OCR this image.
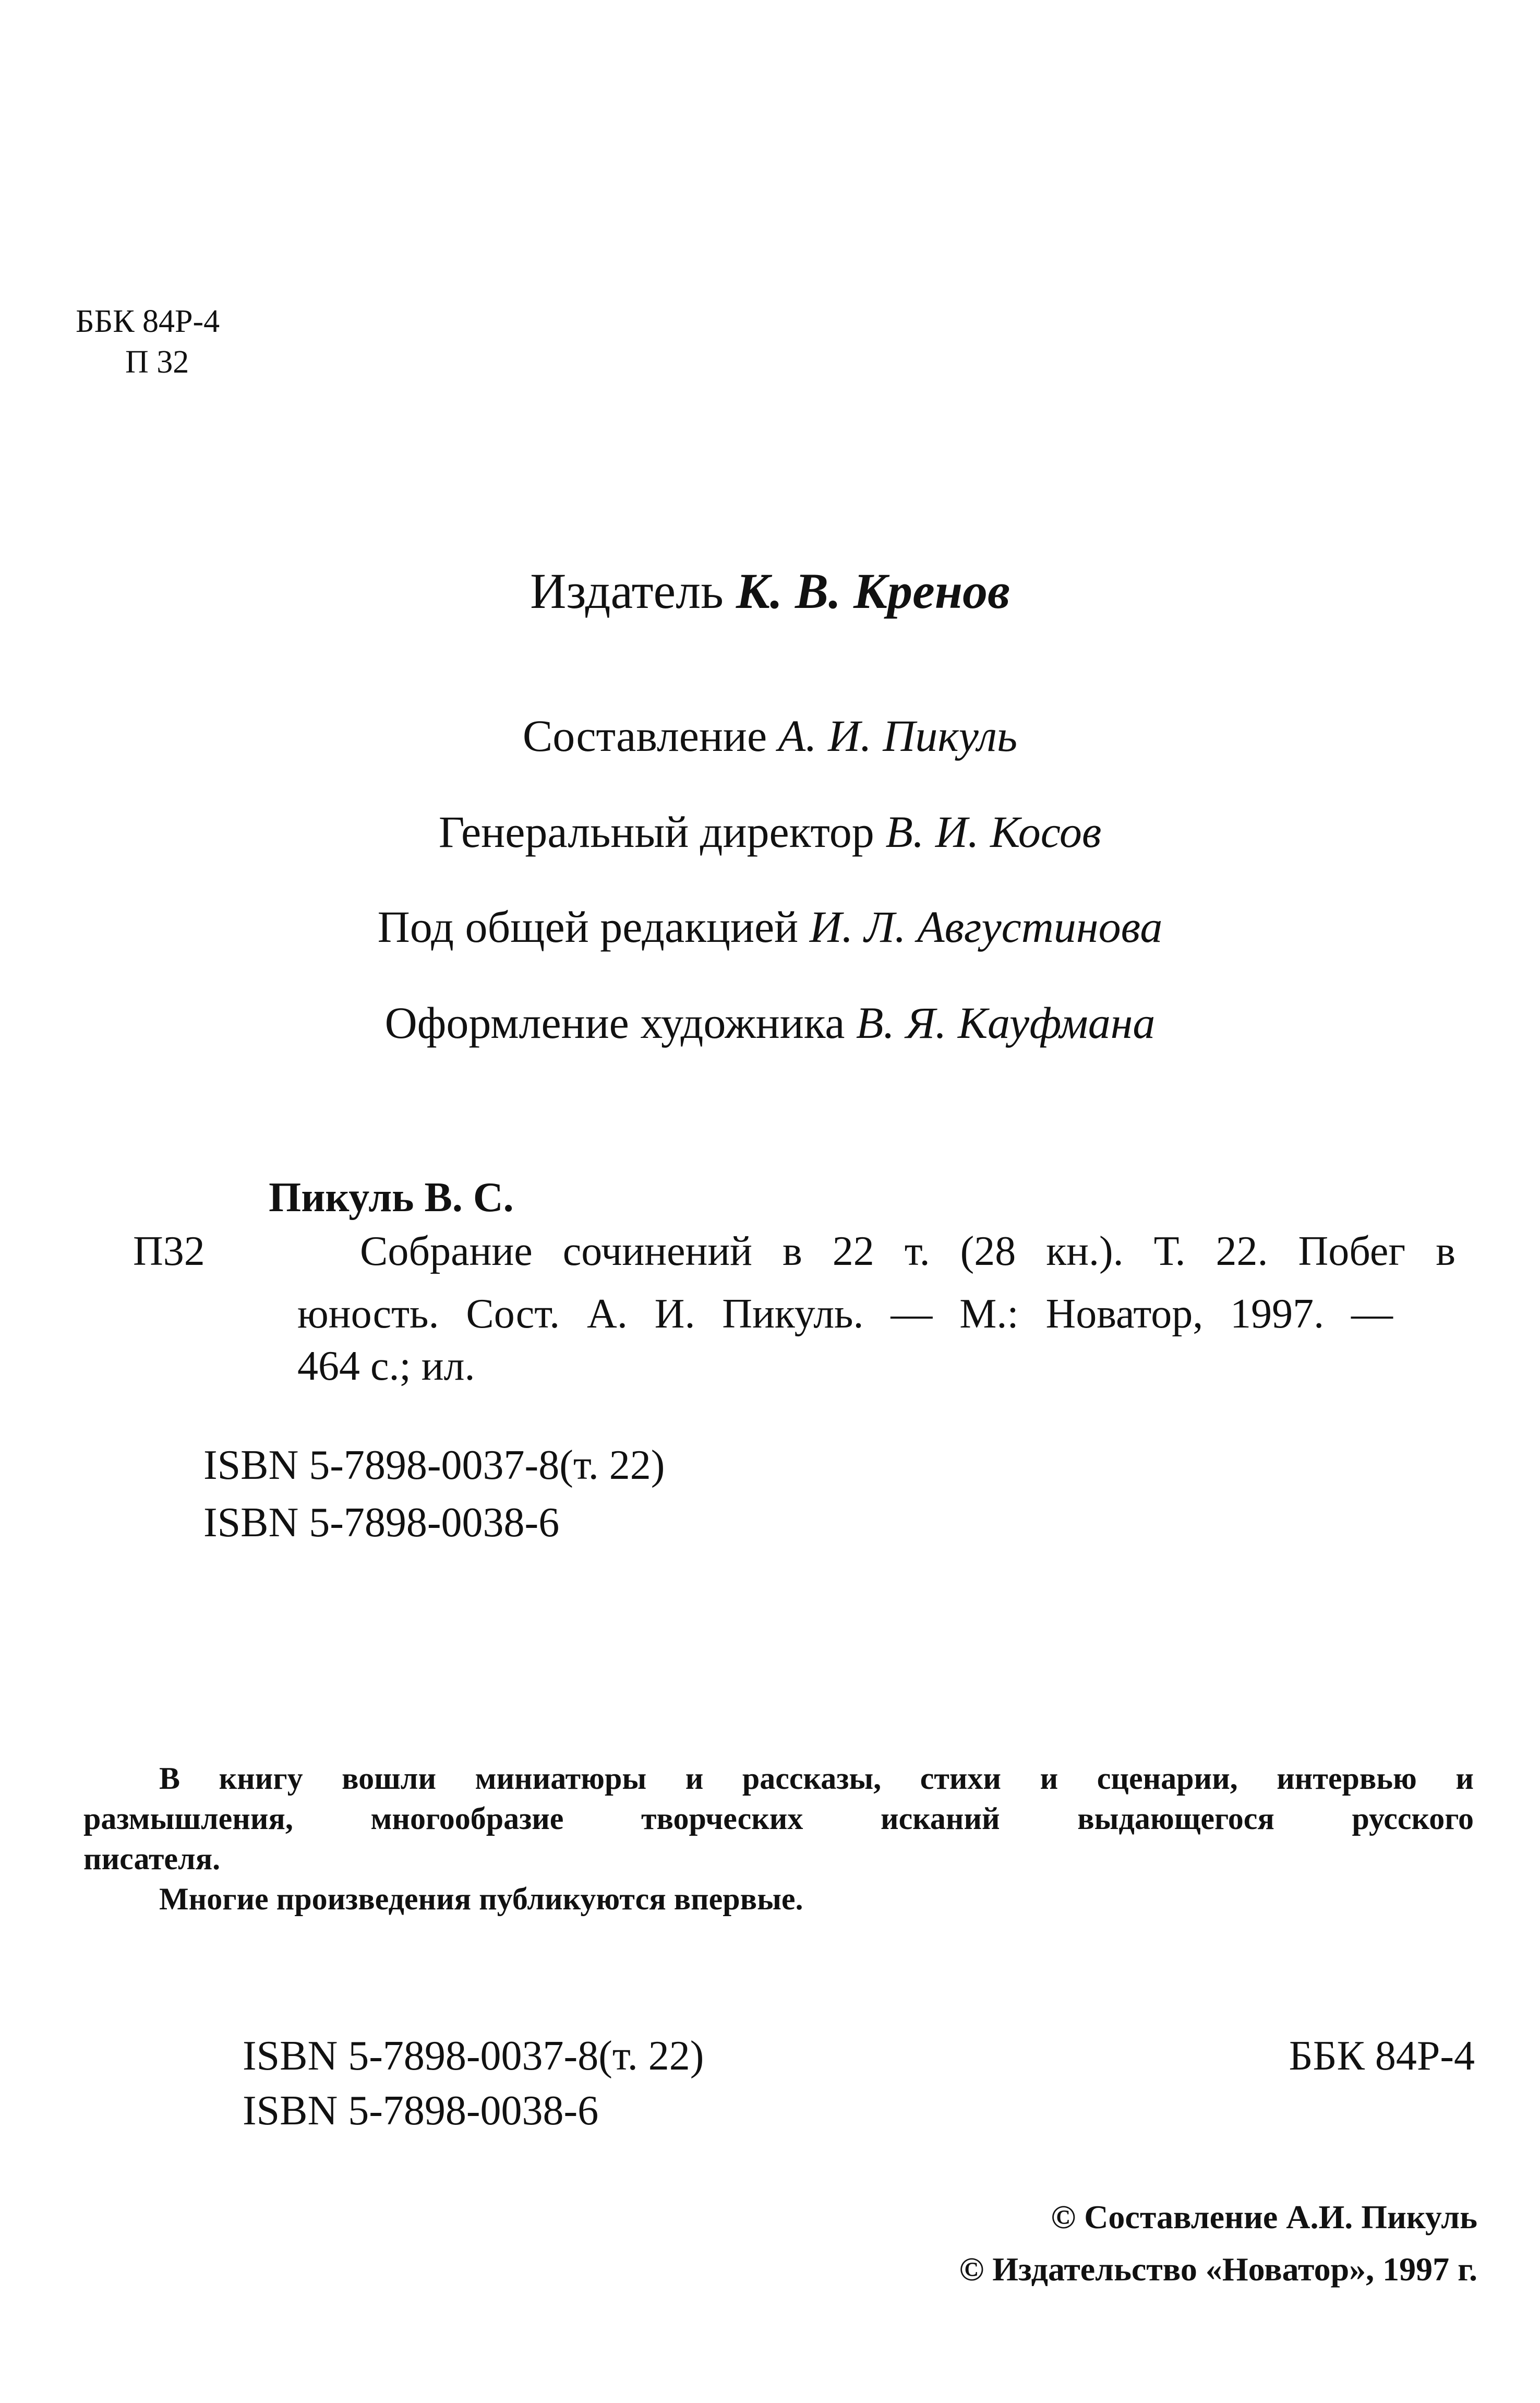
ББК 84Р-4
П 32
Издатель К. В. Кренов
Составление А. И. Пикуль
Генеральный директор В. И. Косов
Под общей редакцией И. Л. Августинова
Оформление художника В. Я. Кауфмана
Пикуль В. С.
П32	Собрание сочинений в 22 т. (28 кн.). Т. 22. Побег в
юность. Сост. А. И. Пикуль. — М.: Новатор, 1997. —
464 с.; ил.
ISBN 5-7898-0037-8(т. 22)
ISBN 5-7898-0038-6
В книгу вошли миниатюры и рассказы, стихи и сценарии, интервью и
размышления, многообразие творческих исканий выдающегося русского
писателя.
Многие произведения публикуются впервые.
ISBN 5-7898-0037-8(т. 22)
ISBN 5-7898-0038-6
ББК 84Р-4
© Составление А.И. Пикуль
© Издательство «Новатор», 1997 г.
